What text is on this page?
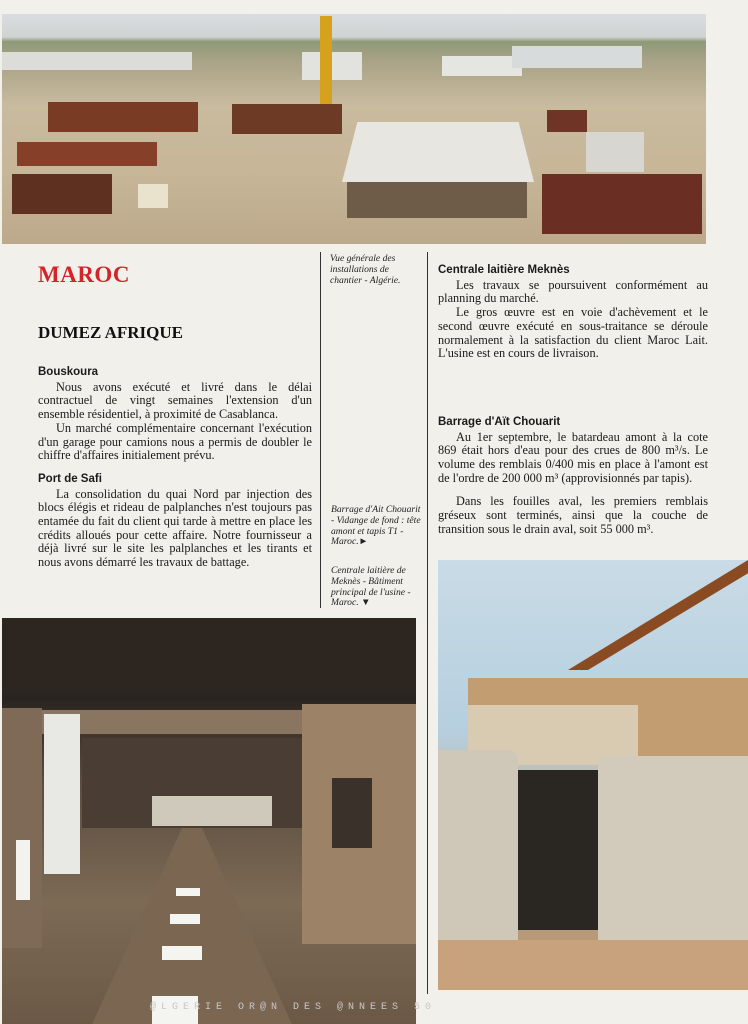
MAROC
DUMEZ AFRIQUE
Bouskoura

Nous avons exécuté et livré dans le délai contractuel de vingt semaines l'extension d'un ensemble résidentiel, à proximité de Casablanca.

Un marché complémentaire concernant l'exécution d'un garage pour camions nous a permis de doubler le chiffre d'affaires initialement prévu.

Port de Safi

La consolidation du quai Nord par injection des blocs élégis et rideau de palplanches n'est toujours pas entamée du fait du client qui tarde à mettre en place les crédits alloués pour cette affaire. Notre fournisseur a déjà livré sur le site les palplanches et les tirants et nous avons démarré les travaux de battage.

Vue générale des installations de chantier - Algérie.
Barrage d'Ait Chouarit - Vidange de fond : tête amont et tapis T1 - Maroc.►
Centrale laitière de Meknès - Bâtiment principal de l'usine - Maroc. ▼
Centrale laitière Meknès

Les travaux se poursuivent conformément au planning du marché.

Le gros œuvre est en voie d'achèvement et le second œuvre exécuté en sous-traitance se déroule normalement à la satisfaction du client Maroc Lait. L'usine est en cours de livraison.

Barrage d'Aït Chouarit

Au 1er septembre, le batardeau amont à la cote 869 était hors d'eau pour des crues de 800 m³/s. Le volume des remblais 0/400 mis en place à l'amont est de l'ordre de 200 000 m³ (approvisionnés par tapis).

Dans les fouilles aval, les premiers remblais gréseux sont terminés, ainsi que la couche de transition sous le drain aval, soit 55 000 m³.

@LGERIE OR@N DES @NNEES 50
